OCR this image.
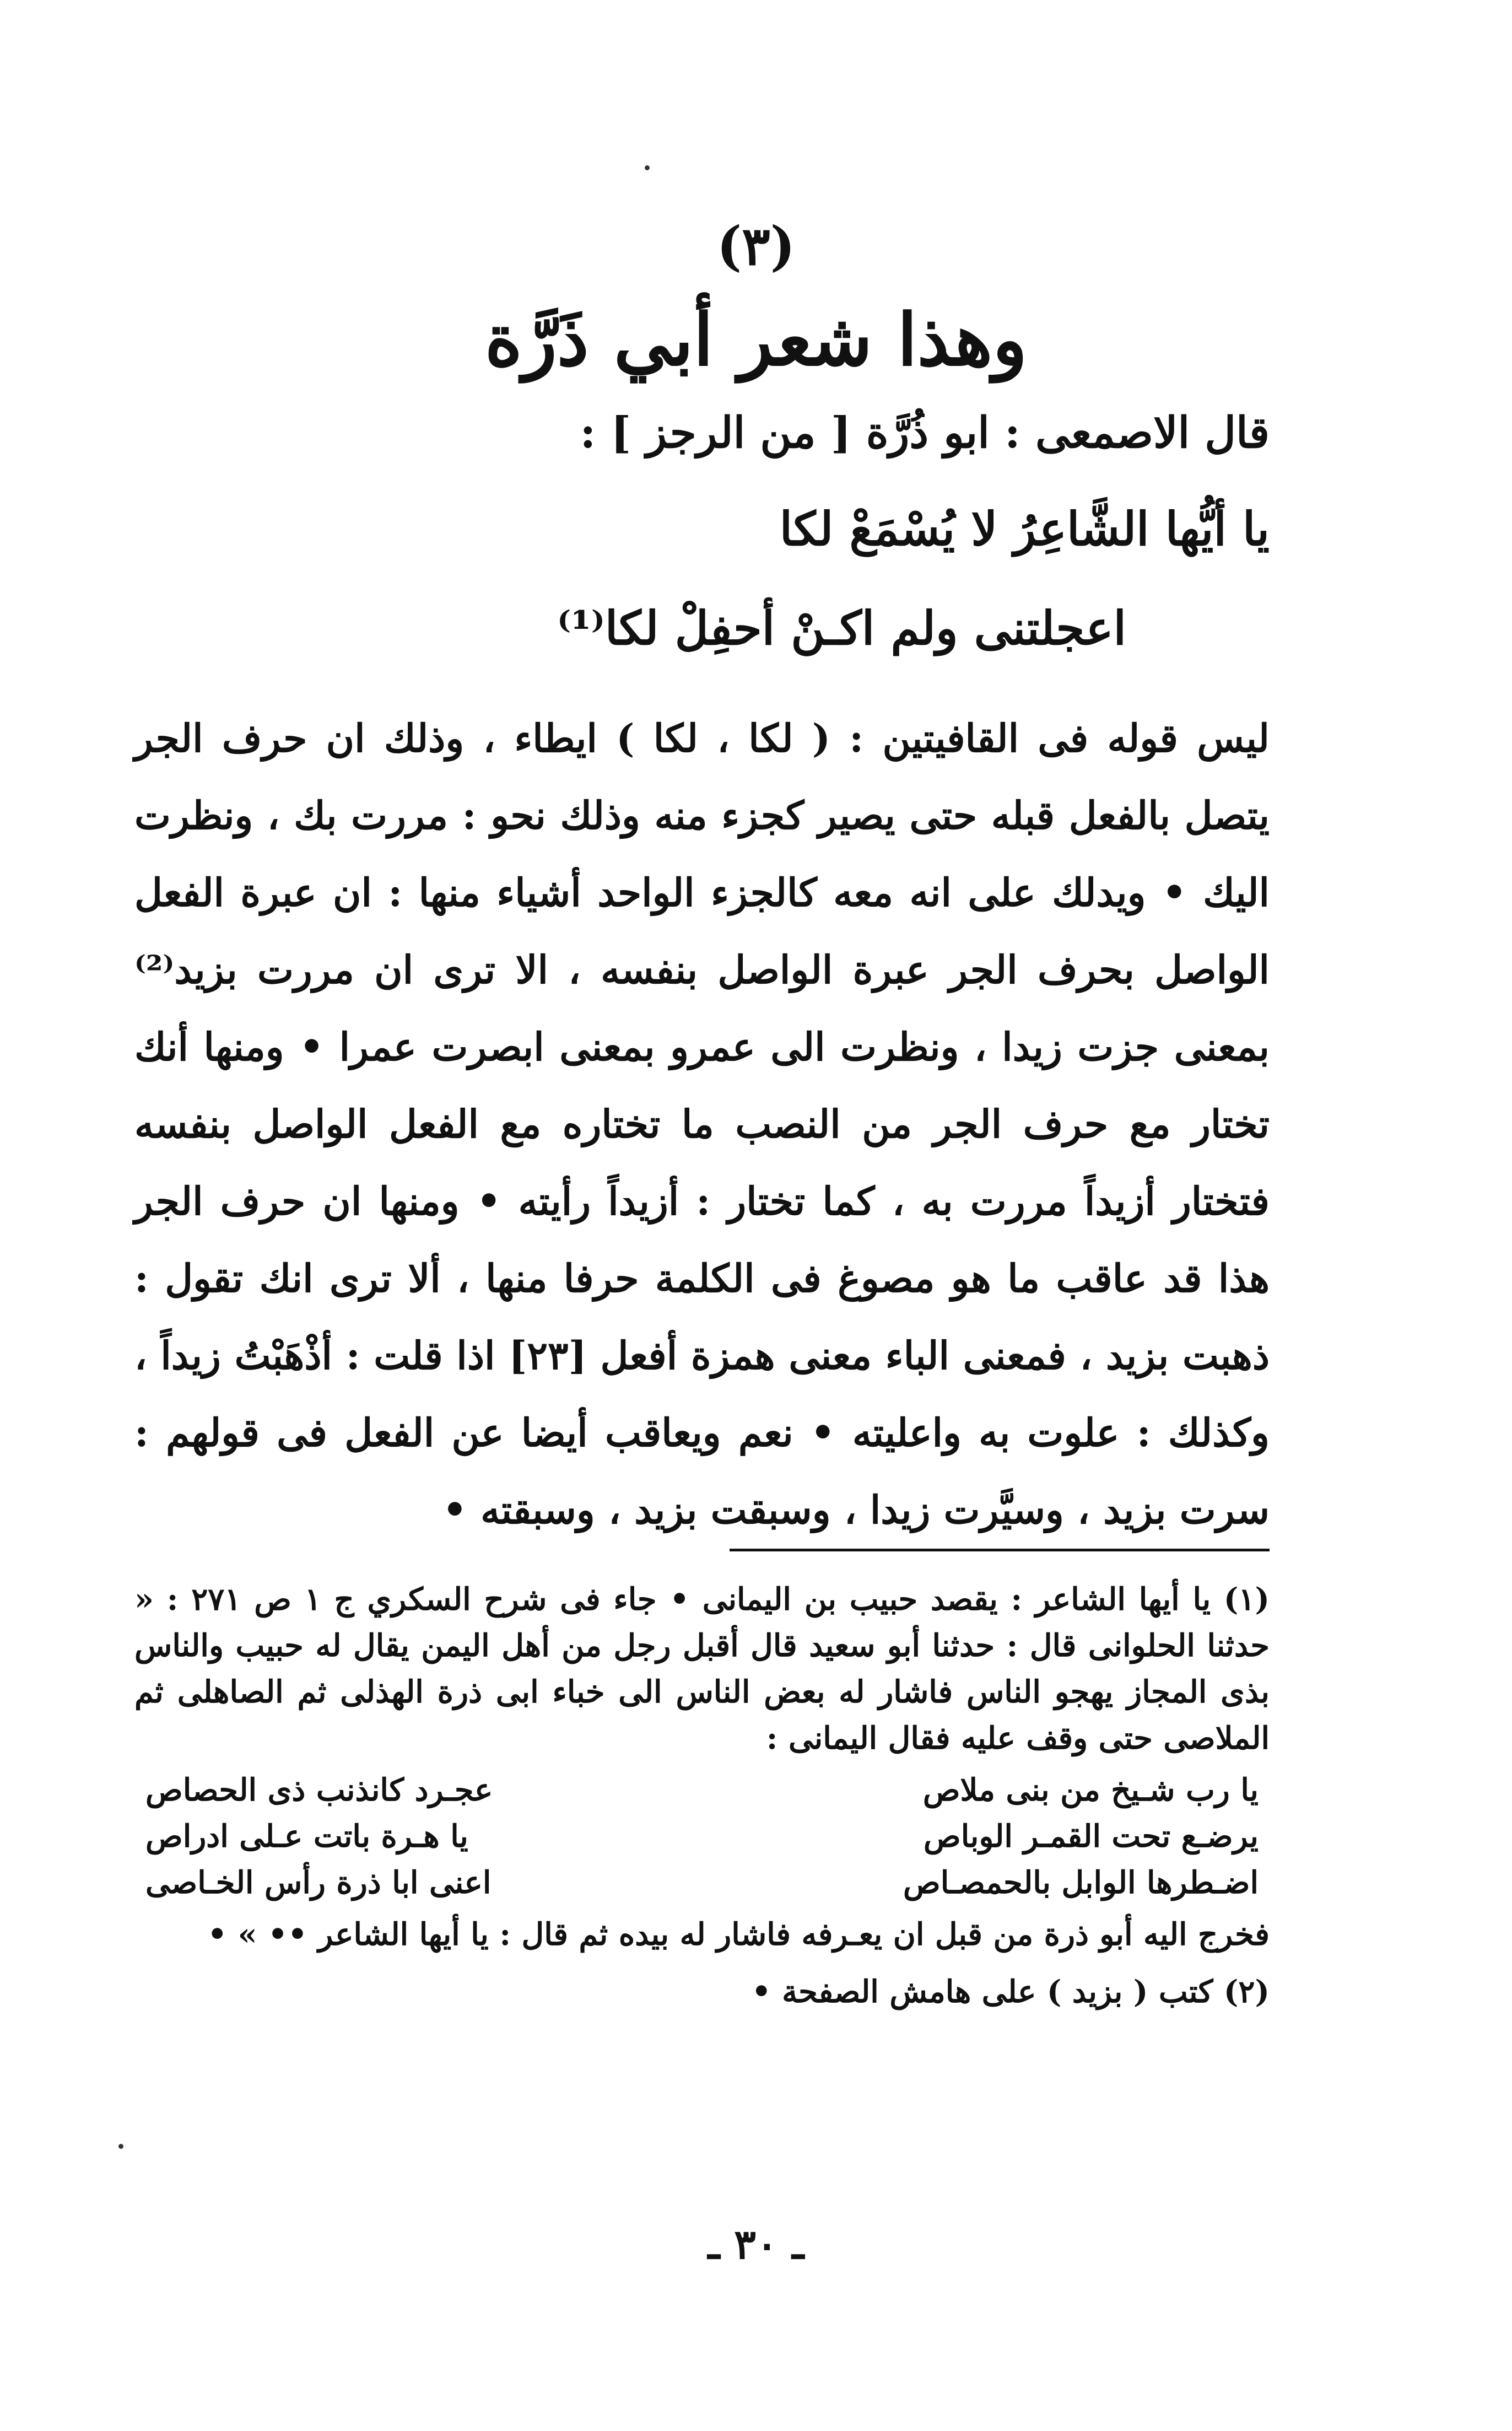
(٣)
وهذا شعر أبي ذَرَّة
قال الاصمعى : ابو ذُرَّة [ من الرجز ] :
يا أيُّها الشَّاعِرُ لا يُسْمَعْ لكا
اعجلتنى ولم اكـنْ أحفِلْ لكا⁽¹⁾

ليس قوله فى القافيتين : ( لكا ، لكا ) ايطاء ، وذلك ان حرف الجر يتصل بالفعل قبله حتى يصير كجزء منه وذلك نحو : مررت بك ، ونظرت اليك • ويدلك على انه معه كالجزء الواحد أشياء منها : ان عبرة الفعل الواصل بحرف الجر عبرة الواصل بنفسه ، الا ترى ان مررت بزيد⁽²⁾ بمعنى جزت زيدا ، ونظرت الى عمرو بمعنى ابصرت عمرا • ومنها أنك تختار مع حرف الجر من النصب ما تختاره مع الفعل الواصل بنفسه فتختار أزيداً مررت به ، كما تختار : أزيداً رأيته • ومنها ان حرف الجر هذا قد عاقب ما هو مصوغ فى الكلمة حرفا منها ، ألا ترى انك تقول : ذهبت بزيد ، فمعنى الباء معنى همزة أفعل [٢٣] اذا قلت : أذْهَبْتُ زيداً ، وكذلك : علوت به واعليته • نعم ويعاقب أيضا عن الفعل فى قولهم : سرت بزيد ، وسيَّرت زيدا ، وسبقت بزيد ، وسبقته •

(١) يا أيها الشاعر : يقصد حبيب بن اليمانى • جاء فى شرح السكري ج ١ ص ٢٧١ : « حدثنا الحلوانى قال : حدثنا أبو سعيد قال أقبل رجل من أهل اليمن يقال له حبيب والناس بذى المجاز يهجو الناس فاشار له بعض الناس الى خباء ابى ذرة الهذلى ثم الصاهلى ثم الملاصى حتى وقف عليه فقال اليمانى :

يا رب شـيخ من بنى ملاص
عجـرد كانذنب ذى الحصاص
يرضـع تحت القمـر الوباص
يا هـرة باتت عـلى ادراص
اضـطرها الوابل بالحمصـاص
اعنى ابا ذرة رأس الخـاصى

فخرج اليه أبو ذرة من قبل ان يعـرفه فاشار له بيده ثم قال : يا أيها الشاعر •• » •

(٢) كتب ( بزيد ) على هامش الصفحة •

ـ ٣٠ ـ
